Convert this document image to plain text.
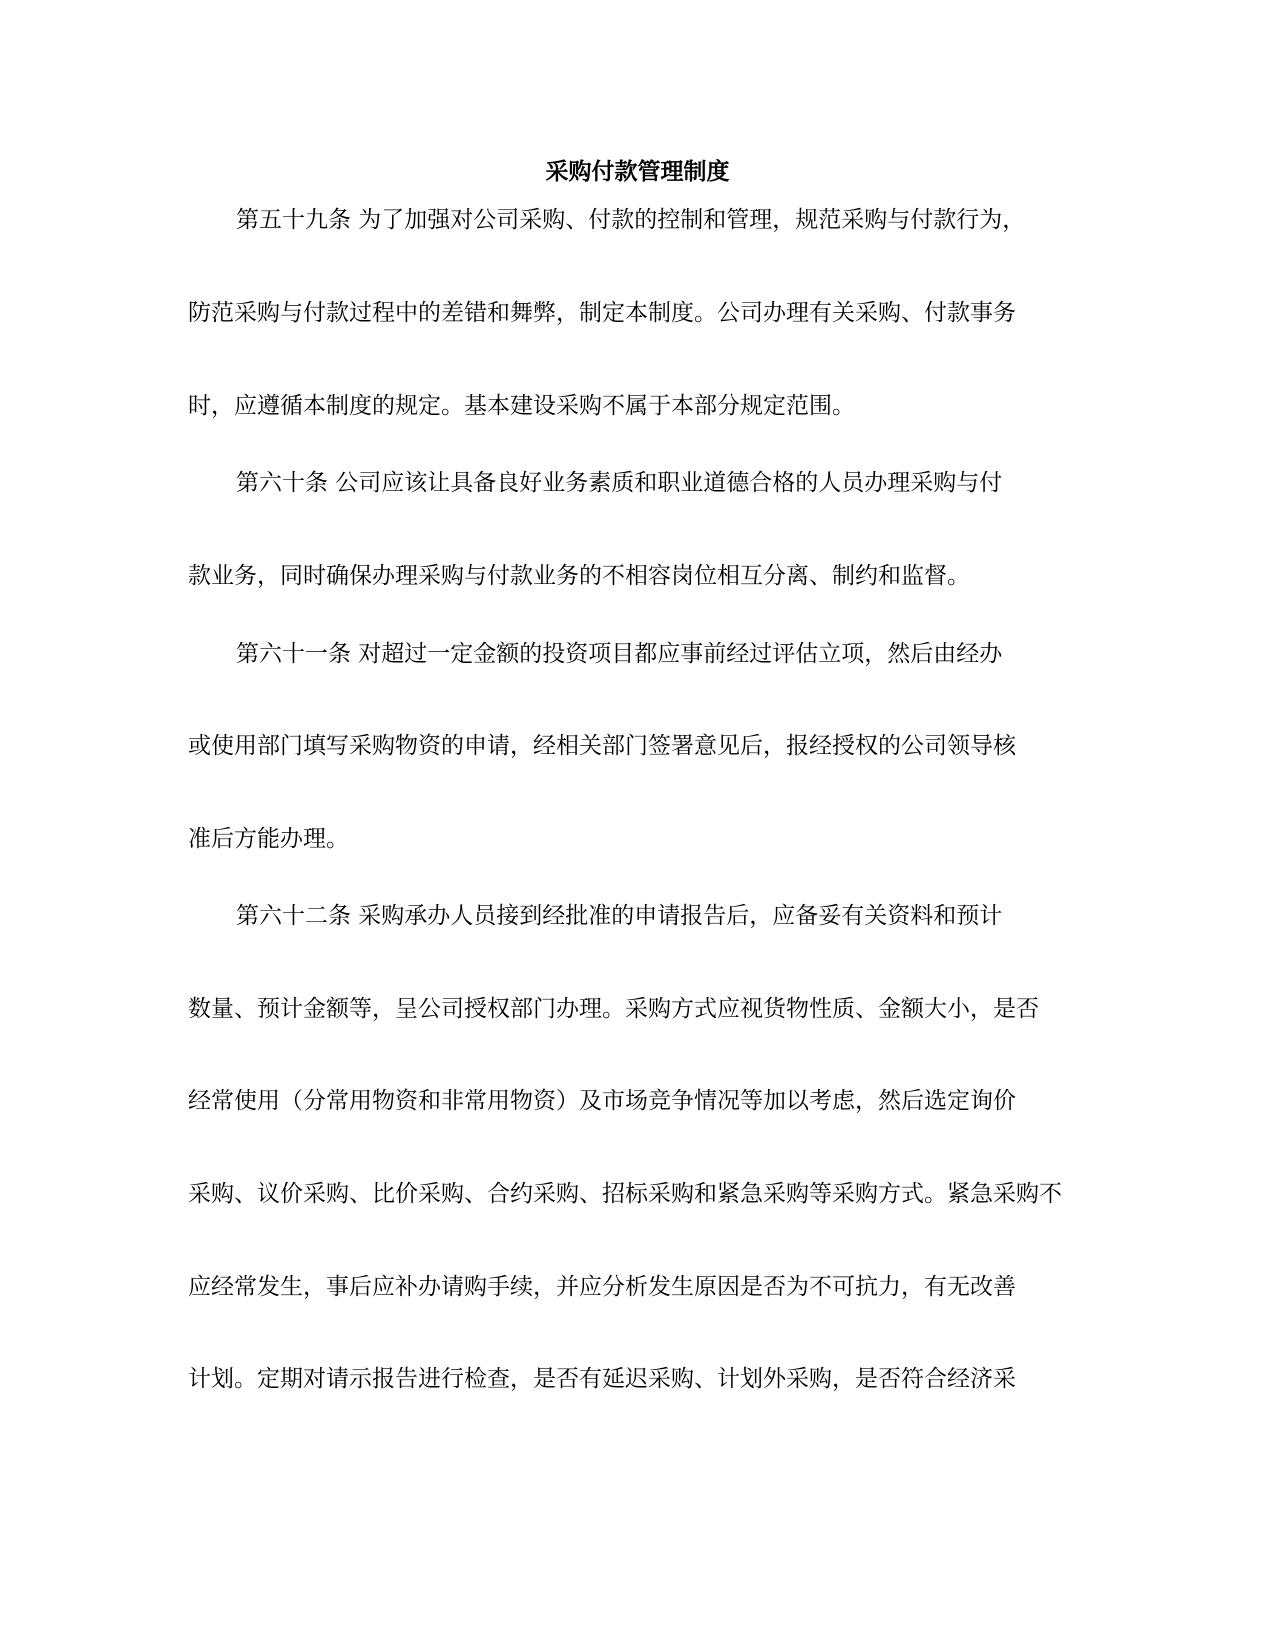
采购付款管理制度

第五十九条 为了加强对公司采购、付款的控制和管理，规范采购与付款行为，

防范采购与付款过程中的差错和舞弊，制定本制度。公司办理有关采购、付款事务

时，应遵循本制度的规定。基本建设采购不属于本部分规定范围。

第六十条 公司应该让具备良好业务素质和职业道德合格的人员办理采购与付

款业务，同时确保办理采购与付款业务的不相容岗位相互分离、制约和监督。

第六十一条 对超过一定金额的投资项目都应事前经过评估立项，然后由经办

或使用部门填写采购物资的申请，经相关部门签署意见后，报经授权的公司领导核

准后方能办理。

第六十二条 采购承办人员接到经批准的申请报告后，应备妥有关资料和预计

数量、预计金额等，呈公司授权部门办理。采购方式应视货物性质、金额大小，是否

经常使用（分常用物资和非常用物资）及市场竞争情况等加以考虑，然后选定询价

采购、议价采购、比价采购、合约采购、招标采购和紧急采购等采购方式。紧急采购不

应经常发生，事后应补办请购手续，并应分析发生原因是否为不可抗力，有无改善

计划。定期对请示报告进行检查，是否有延迟采购、计划外采购，是否符合经济采
